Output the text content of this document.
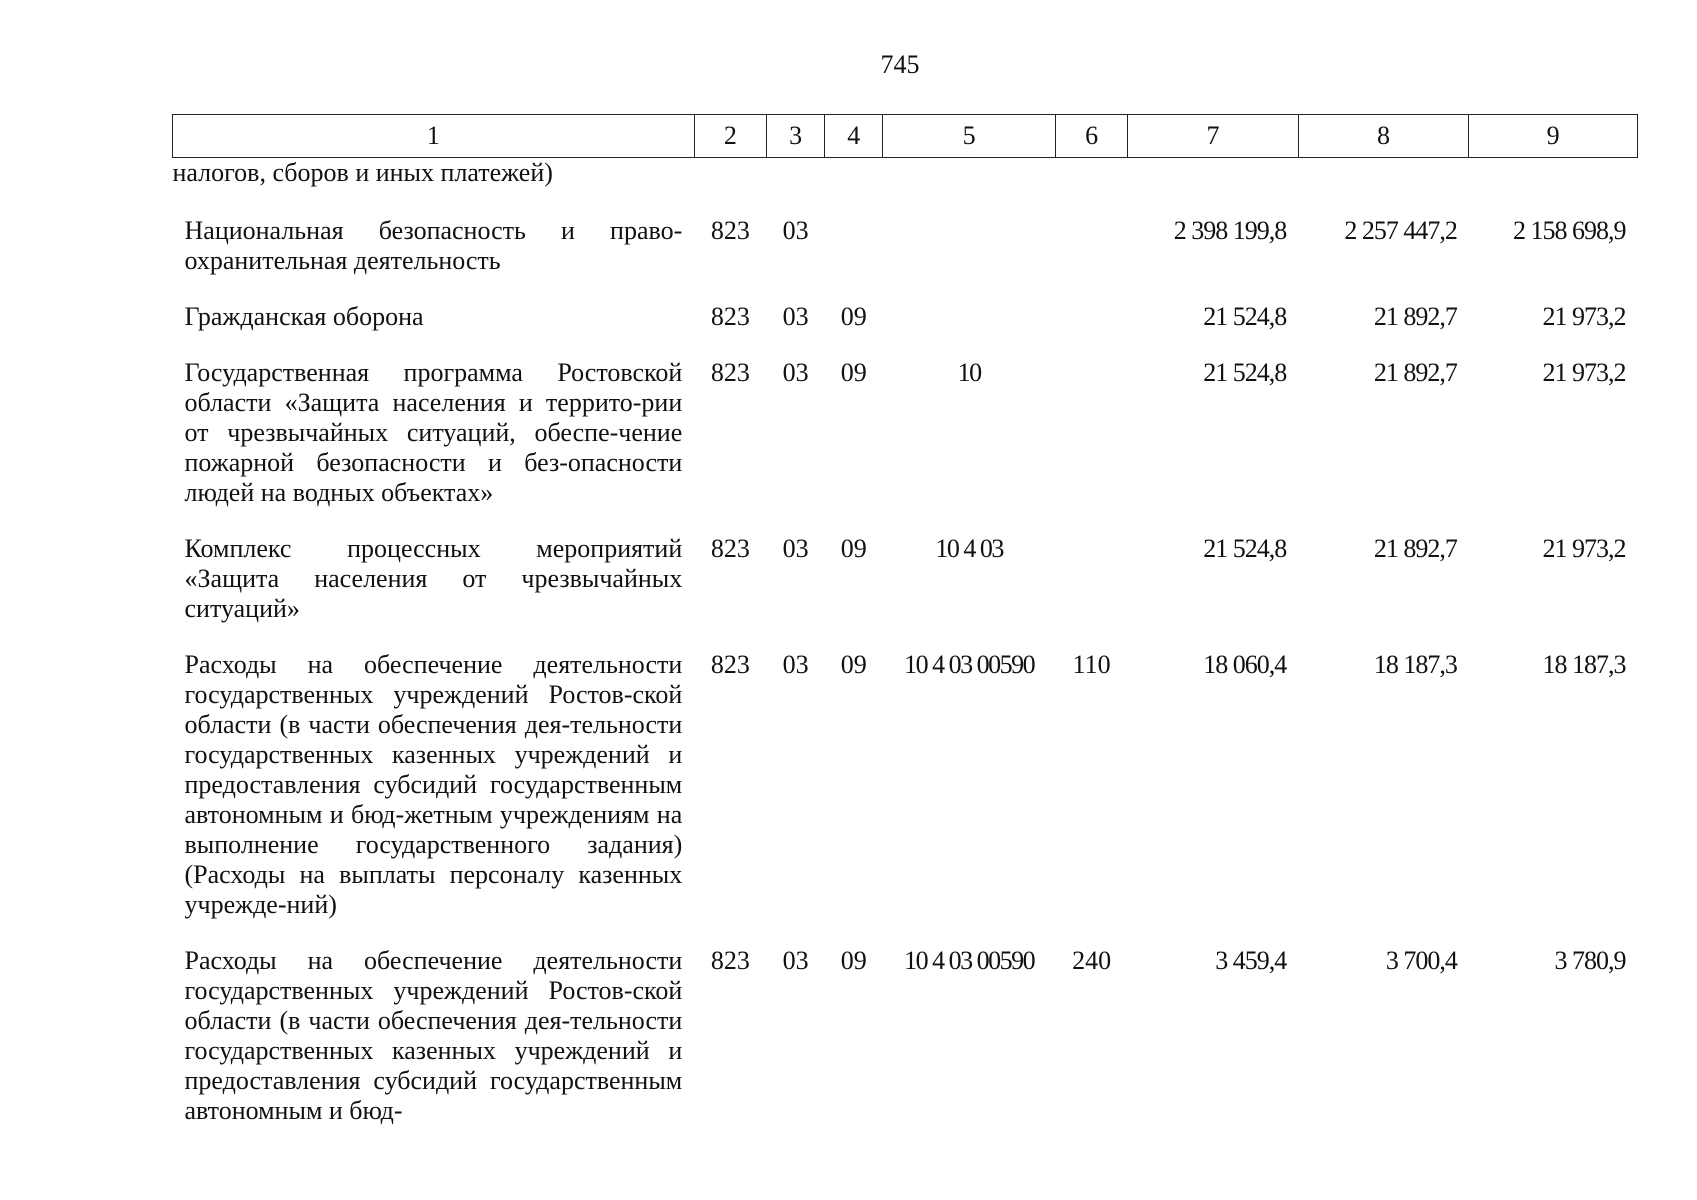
745
1	2	3	4	5	6	7	8	9
налогов, сборов и иных платежей)								
Национальная безопасность и право-охранительная деятельность	823	03				2 398 199,8	2 257 447,2	2 158 698,9
Гражданская оборона	823	03	09			21 524,8	21 892,7	21 973,2
Государственная программа Ростовской области «Защита населения и террито-рии от чрезвычайных ситуаций, обеспе-чение пожарной безопасности и без-опасности людей на водных объектах»	823	03	09	10		21 524,8	21 892,7	21 973,2
Комплекс процессных мероприятий «Защита населения от чрезвычайных ситуаций»	823	03	09	10 4 03		21 524,8	21 892,7	21 973,2
Расходы на обеспечение деятельности государственных учреждений Ростов-ской области (в части обеспечения дея-тельности государственных казенных учреждений и предоставления субсидий государственным автономным и бюд-жетным учреждениям на выполнение государственного задания) (Расходы на выплаты персоналу казенных учрежде-ний)	823	03	09	10 4 03 00590	110	18 060,4	18 187,3	18 187,3
Расходы на обеспечение деятельности государственных учреждений Ростов-ской области (в части обеспечения дея-тельности государственных казенных учреждений и предоставления субсидий государственным автономным и бюд-	823	03	09	10 4 03 00590	240	3 459,4	3 700,4	3 780,9
